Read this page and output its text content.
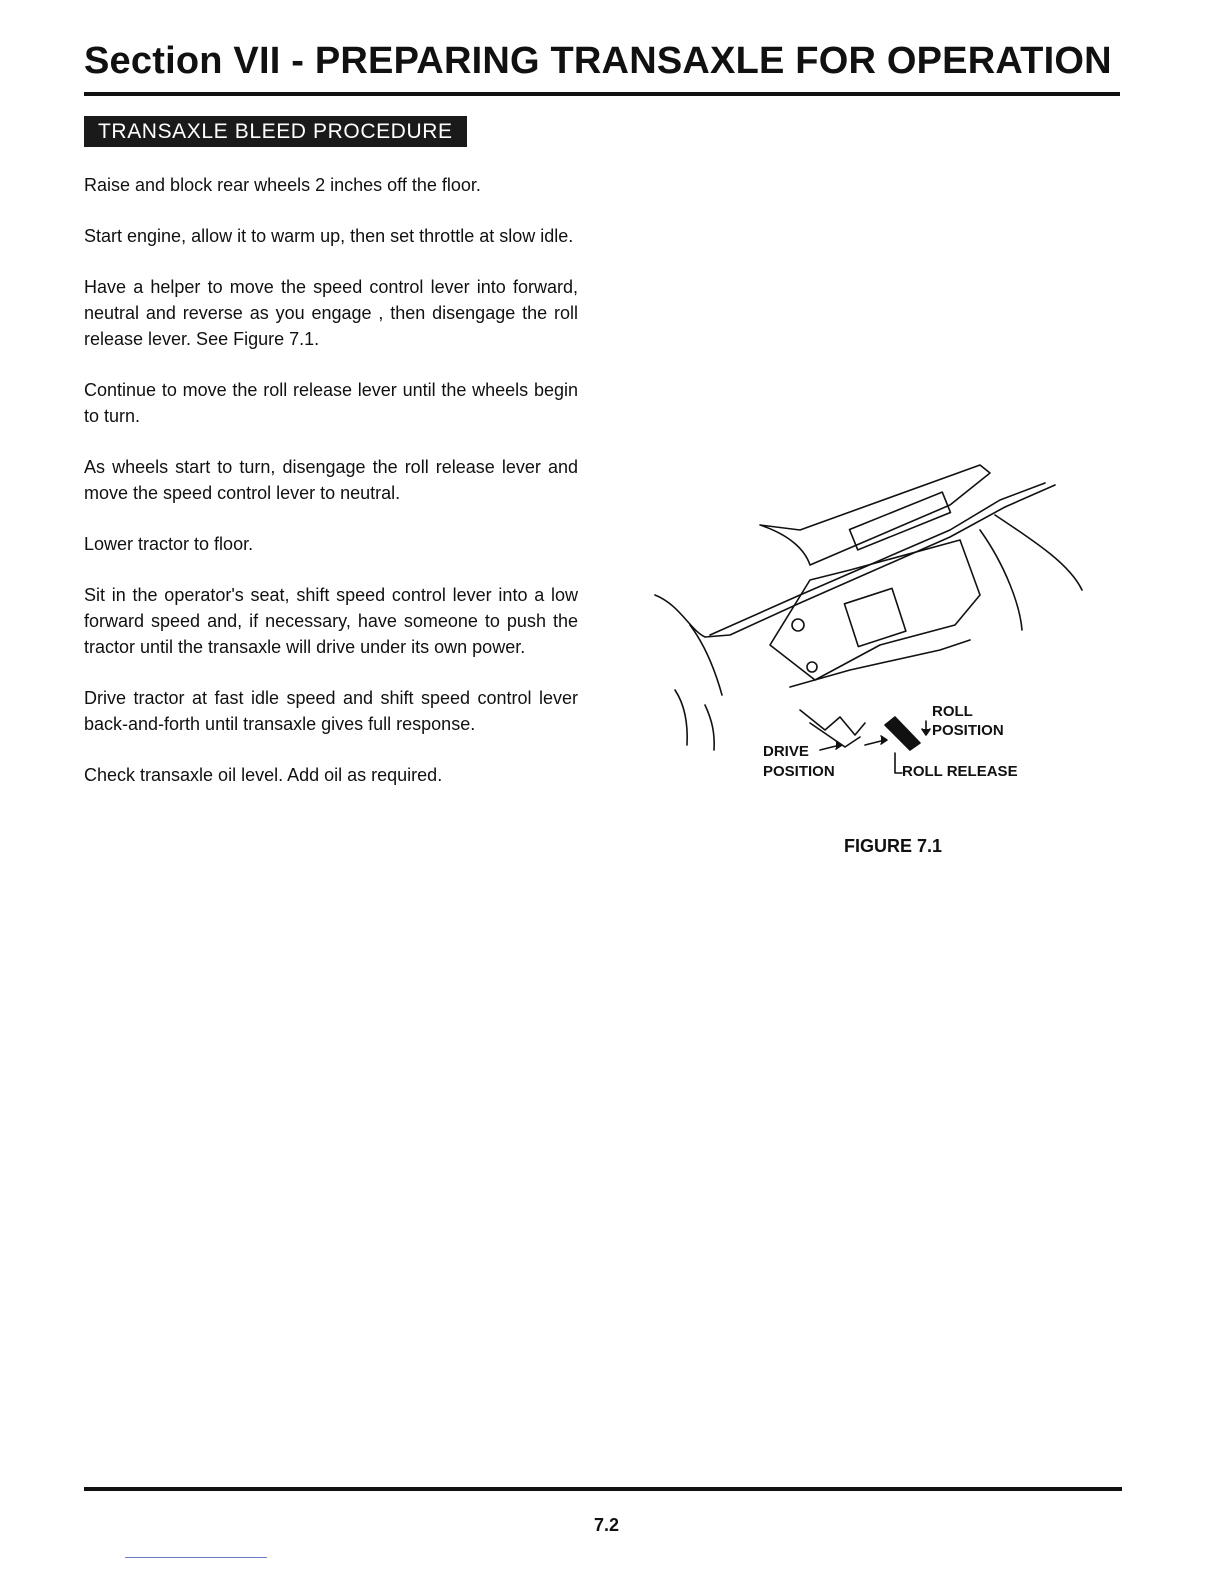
Section VII - PREPARING TRANSAXLE FOR OPERATION
TRANSAXLE BLEED PROCEDURE

Raise and block rear wheels 2 inches off the floor.

Start engine, allow it to warm up, then set throttle at slow idle.

Have a helper to move the speed control lever into forward, neutral and reverse as you engage , then disengage the roll release lever. See Figure 7.1.

Continue to move the roll release lever until the wheels begin to turn.

As wheels start to turn, disengage the roll release lever and move the speed control lever to neutral.

Lower tractor to floor.

Sit in the operator's seat, shift speed control lever into a low forward speed and, if necessary, have someone to push the tractor until the transaxle will drive under its own power.

Drive tractor at fast idle speed and shift speed control lever back-and-forth until transaxle gives full response.

Check transaxle oil level. Add oil as required.

ROLL
POSITION
DRIVE
POSITION	ROLL RELEASE
FIGURE 7.1
7.2
